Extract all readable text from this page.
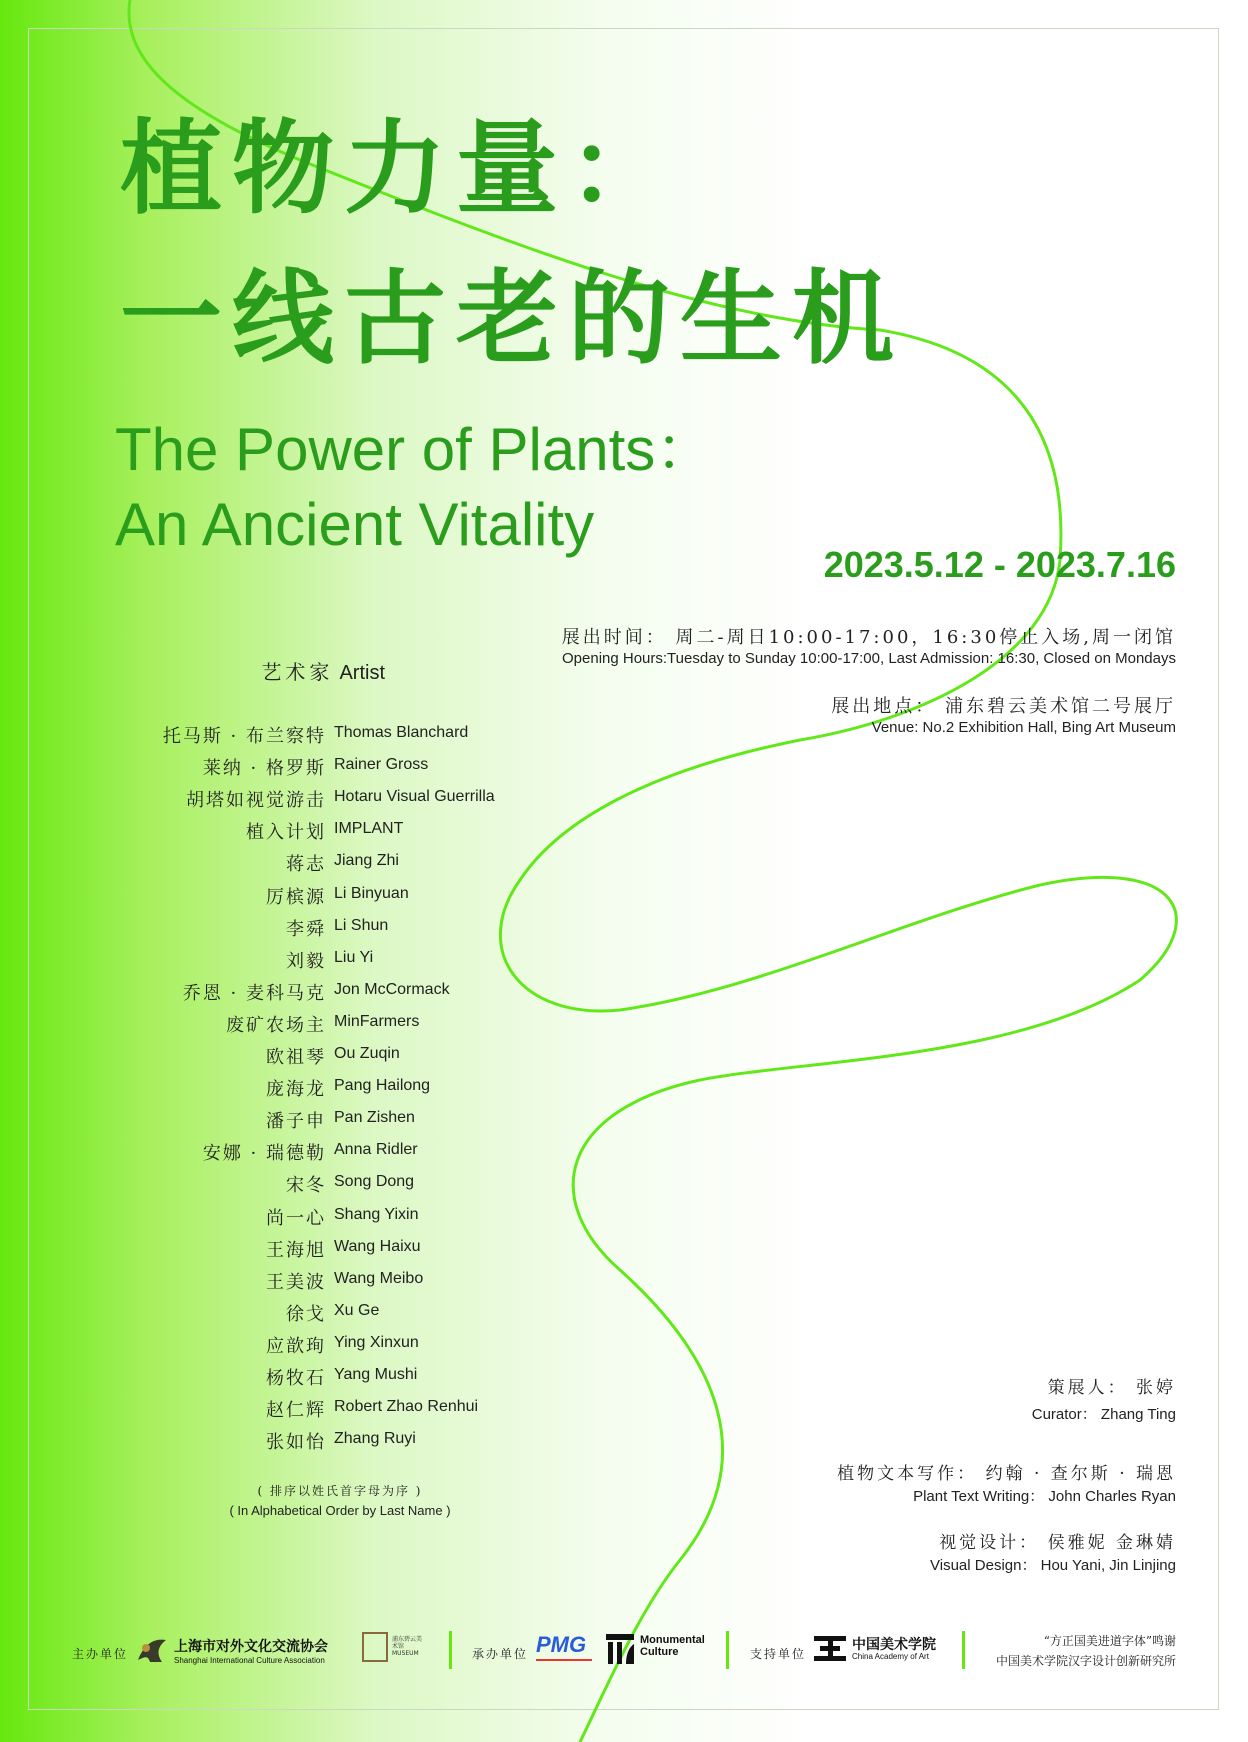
植物力量：
一线古老的生机
The Power of Plants：
An Ancient Vitality
2023.5.12 - 2023.7.16
展出时间： 周二-周日10:00-17:00，16:30停止入场,周一闭馆
Opening Hours:Tuesday to Sunday 10:00-17:00, Last Admission: 16:30, Closed on Mondays
展出地点： 浦东碧云美术馆二号展厅
Venue: No.2 Exhibition Hall, Bing Art Museum
艺术家 Artist
托马斯 · 布兰察特 Thomas Blanchard
莱纳 · 格罗斯 Rainer Gross
胡塔如视觉游击 Hotaru Visual Guerrilla
植入计划 IMPLANT
蒋志 Jiang Zhi
厉槟源 Li Binyuan
李舜 Li Shun
刘毅 Liu Yi
乔恩 · 麦科马克 Jon McCormack
废矿农场主 MinFarmers
欧祖琴 Ou Zuqin
庞海龙 Pang Hailong
潘子申 Pan Zishen
安娜 · 瑞德勒 Anna Ridler
宋冬 Song Dong
尚一心 Shang Yixin
王海旭 Wang Haixu
王美波 Wang Meibo
徐戈 Xu Ge
应歆珣 Ying Xinxun
杨牧石 Yang Mushi
赵仁辉 Robert Zhao Renhui
张如怡 Zhang Ruyi
( 排序以姓氏首字母为序 )
( In Alphabetical Order by Last Name )
策展人： 张婷
Curator： Zhang Ting
植物文本写作： 约翰 · 查尔斯 · 瑞恩
Plant Text Writing： John Charles Ryan
视觉设计： 侯雅妮 金琳婧
Visual Design： Hou Yani, Jin Linjing
主办单位	上海市对外文化交流协会
Shanghai International Culture Association
浦东碧云美术馆 MUSEUM	承办单位 PMG	Monumental Culture	支持单位
中国美术学院
China Academy of Art
“方正国美进道字体”鸣谢
中国美术学院汉字设计创新研究所
